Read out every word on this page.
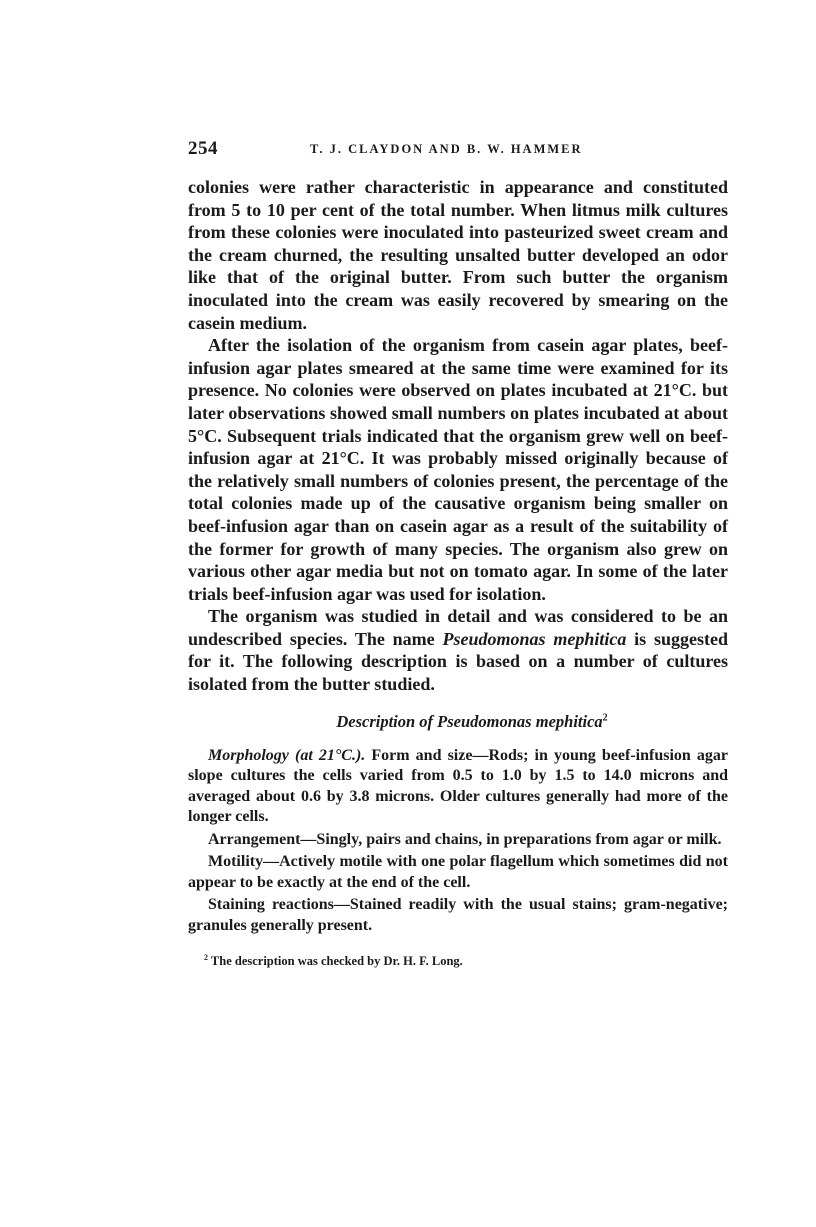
254	T. J. CLAYDON AND B. W. HAMMER

colonies were rather characteristic in appearance and constituted from 5 to 10 per cent of the total number. When litmus milk cultures from these colonies were inoculated into pasteurized sweet cream and the cream churned, the resulting unsalted butter developed an odor like that of the original butter. From such butter the organism inoculated into the cream was easily recovered by smearing on the casein medium.

After the isolation of the organism from casein agar plates, beef-infusion agar plates smeared at the same time were examined for its presence. No colonies were observed on plates incubated at 21°C. but later observations showed small numbers on plates incubated at about 5°C. Subsequent trials indicated that the organism grew well on beef-infusion agar at 21°C. It was probably missed originally because of the relatively small numbers of colonies present, the percentage of the total colonies made up of the causative organism being smaller on beef-infusion agar than on casein agar as a result of the suitability of the former for growth of many species. The organism also grew on various other agar media but not on tomato agar. In some of the later trials beef-infusion agar was used for isolation.

The organism was studied in detail and was considered to be an undescribed species. The name Pseudomonas mephitica is suggested for it. The following description is based on a number of cultures isolated from the butter studied.

Description of Pseudomonas mephitica$^2$

Morphology (at 21°C.). Form and size—Rods; in young beef-infusion agar slope cultures the cells varied from 0.5 to 1.0 by 1.5 to 14.0 microns and averaged about 0.6 by 3.8 microns. Older cultures generally had more of the longer cells.

Arrangement—Singly, pairs and chains, in preparations from agar or milk.

Motility—Actively motile with one polar flagellum which sometimes did not appear to be exactly at the end of the cell.

Staining reactions—Stained readily with the usual stains; gram-negative; granules generally present.

$^2$ The description was checked by Dr. H. F. Long.
